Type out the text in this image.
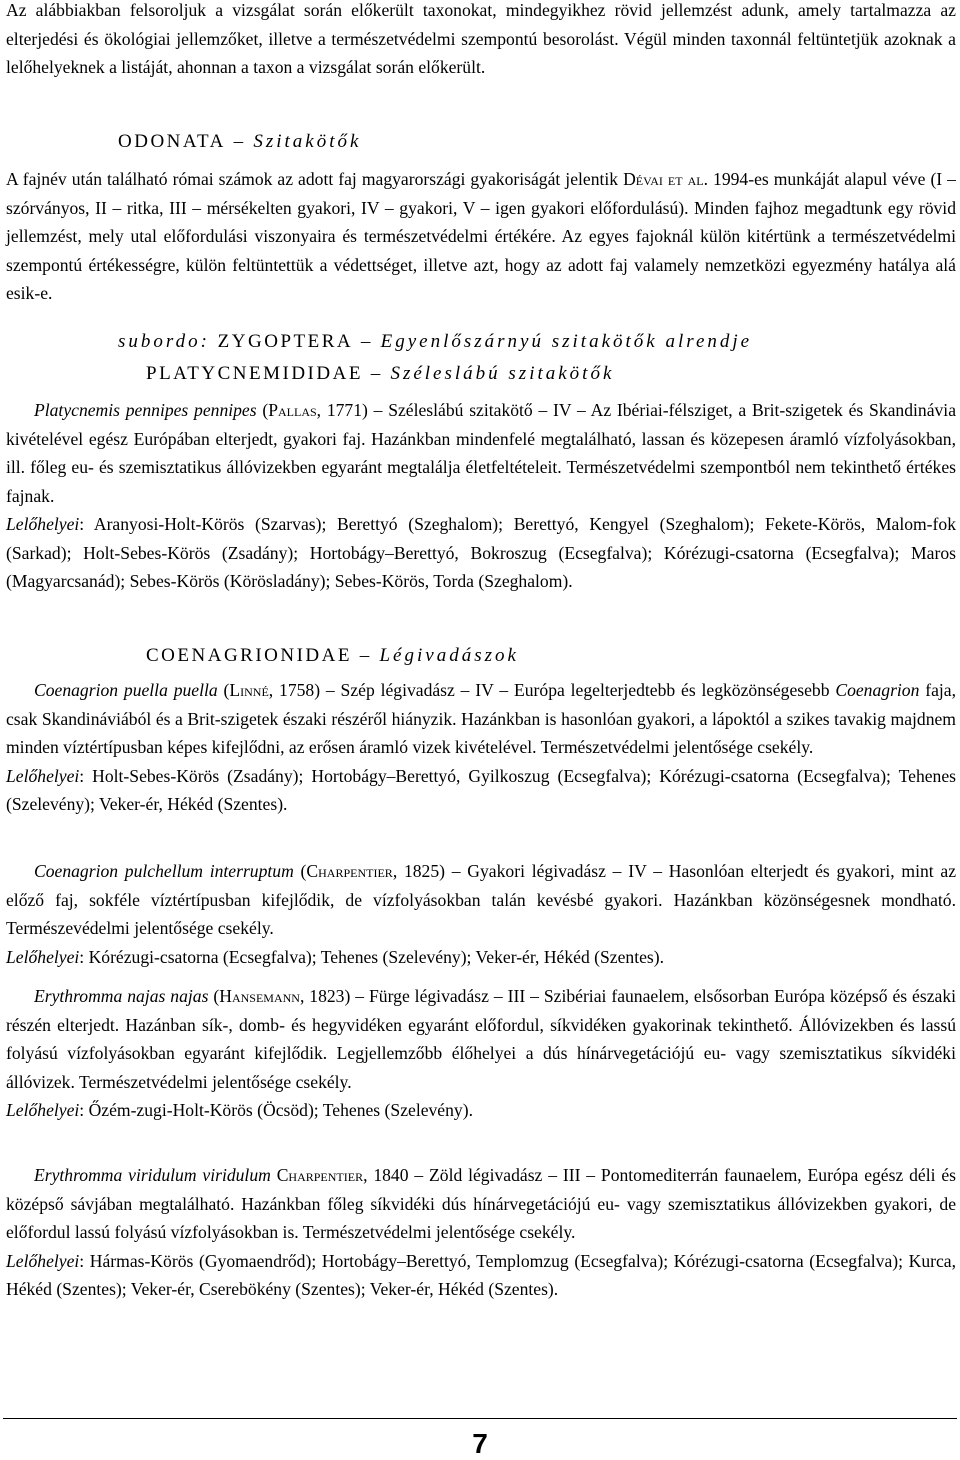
Az alábbiakban felsoroljuk a vizsgálat során előkerült taxonokat, mindegyikhez rövid jellemzést adunk, amely tartalmazza az elterjedési és ökológiai jellemzőket, illetve a természetvédelmi szempontú besorolást. Végül minden taxonnál feltüntetjük azoknak a lelőhelyeknek a listáját, ahonnan a taxon a vizsgálat során előkerült.

ODONATA – Szitakötők

A fajnév után található római számok az adott faj magyarországi gyakoriságát jelentik Dévai et al. 1994-es munkáját alapul véve (I – szórványos, II – ritka, III – mérsékelten gyakori, IV – gyakori, V – igen gyakori előfordulású). Minden fajhoz megadtunk egy rövid jellemzést, mely utal előfordulási viszonyaira és természetvédelmi értékére. Az egyes fajoknál külön kitértünk a természetvédelmi szempontú értékességre, külön feltüntettük a védettséget, illetve azt, hogy az adott faj valamely nemzetközi egyezmény hatálya alá esik-e.

subordo: ZYGOPTERA – Egyenlőszárnyú szitakötők alrendje

PLATYCNEMIDIDAE – Széleslábú szitakötők

Platycnemis pennipes pennipes (Pallas, 1771) – Széleslábú szitakötő – IV – Az Ibériai-félsziget, a Brit-szigetek és Skandinávia kivételével egész Európában elterjedt, gyakori faj. Hazánkban mindenfelé megtalálható, lassan és közepesen áramló vízfolyásokban, ill. főleg eu- és szemisztatikus állóvizekben egyaránt megtalálja életfeltételeit. Természetvédelmi szempontból nem tekinthető értékes fajnak.

Lelőhelyei: Aranyosi-Holt-Körös (Szarvas); Berettyó (Szeghalom); Berettyó, Kengyel (Szeghalom); Fekete-Körös, Malom-fok (Sarkad); Holt-Sebes-Körös (Zsadány); Hortobágy–Berettyó, Bokroszug (Ecsegfalva); Kórézugi-csatorna (Ecsegfalva); Maros (Magyarcsanád); Sebes-Körös (Körösladány); Sebes-Körös, Torda (Szeghalom).

COENAGRIONIDAE – Légivadászok

Coenagrion puella puella (Linné, 1758) – Szép légivadász – IV – Európa legelterjedtebb és legközönségesebb Coenagrion faja, csak Skandináviából és a Brit-szigetek északi részéről hiányzik. Hazánkban is hasonlóan gyakori, a lápoktól a szikes tavakig majdnem minden víztértípusban képes kifejlődni, az erősen áramló vizek kivételével. Természetvédelmi jelentősége csekély.

Lelőhelyei: Holt-Sebes-Körös (Zsadány); Hortobágy–Berettyó, Gyilkoszug (Ecsegfalva); Kórézugi-csatorna (Ecsegfalva); Tehenes (Szelevény); Veker-ér, Hékéd (Szentes).

Coenagrion pulchellum interruptum (Charpentier, 1825) – Gyakori légivadász – IV – Hasonlóan elterjedt és gyakori, mint az előző faj, sokféle víztértípusban kifejlődik, de vízfolyásokban talán kevésbé gyakori. Hazánkban közönségesnek mondható. Természevédelmi jelentősége csekély.

Lelőhelyei: Kórézugi-csatorna (Ecsegfalva); Tehenes (Szelevény); Veker-ér, Hékéd (Szentes).

Erythromma najas najas (Hansemann, 1823) – Fürge légivadász – III – Szibériai faunaelem, elsősorban Európa középső és északi részén elterjedt. Hazánban sík-, domb- és hegyvidéken egyaránt előfordul, síkvidéken gyakorinak tekinthető. Állóvizekben és lassú folyású vízfolyásokban egyaránt kifejlődik. Legjellemzőbb élőhelyei a dús hínárvegetációjú eu- vagy szemisztatikus síkvidéki állóvizek. Természetvédelmi jelentősége csekély.

Lelőhelyei: Őzém-zugi-Holt-Körös (Öcsöd); Tehenes (Szelevény).

Erythromma viridulum viridulum Charpentier, 1840 – Zöld légivadász – III – Pontomediterrán faunaelem, Európa egész déli és középső sávjában megtalálható. Hazánkban főleg síkvidéki dús hínárvegetációjú eu- vagy szemisztatikus állóvizekben gyakori, de előfordul lassú folyású vízfolyásokban is. Természetvédelmi jelentősége csekély.

Lelőhelyei: Hármas-Körös (Gyomaendrőd); Hortobágy–Berettyó, Templomzug (Ecsegfalva); Kórézugi-csatorna (Ecsegfalva); Kurca, Hékéd (Szentes); Veker-ér, Cserebökény (Szentes); Veker-ér, Hékéd (Szentes).

7
